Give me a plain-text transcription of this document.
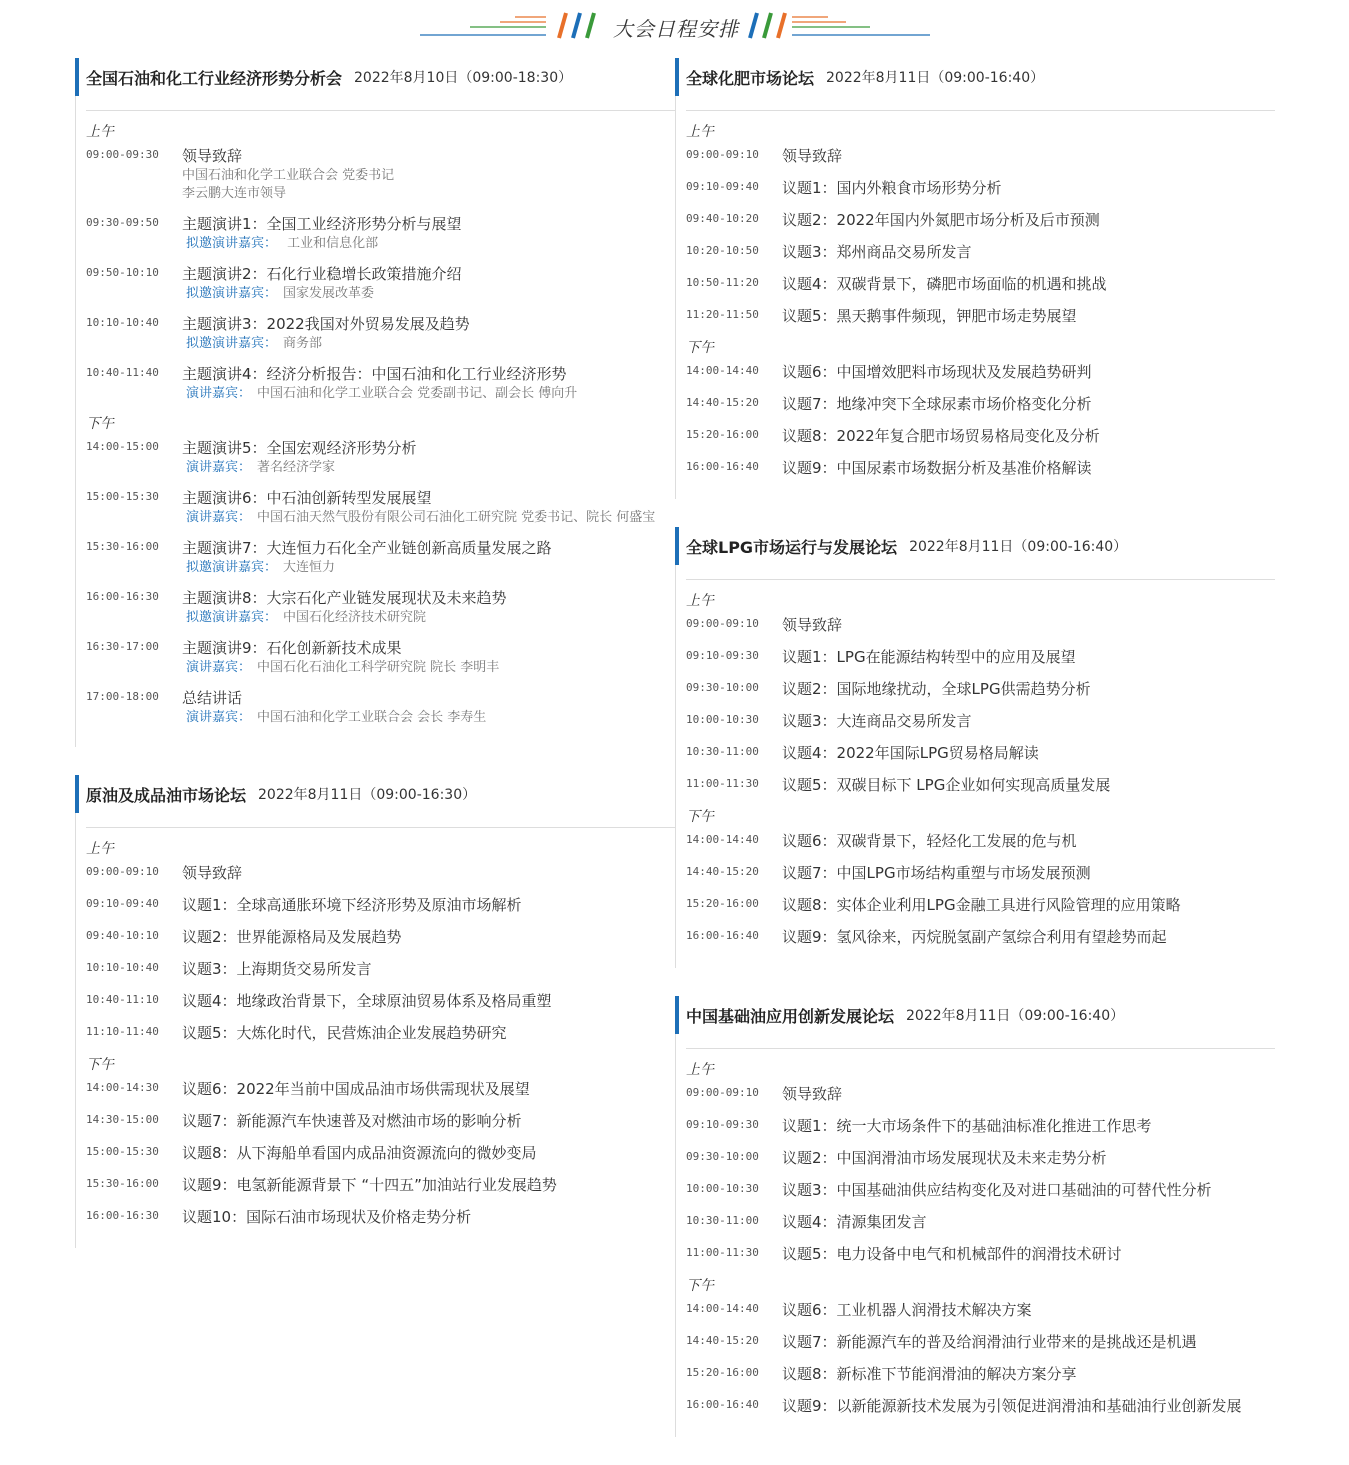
大会日程安排
全国石油和化工行业经济形势分析会 2022年8月10日（09:00-18:30）
上午
09:00-09:30	领导致辞
中国石油和化学工业联合会 党委书记
李云鹏大连市领导
09:30-09:50	主题演讲1：全国工业经济形势分析与展望
拟邀演讲嘉宾： 工业和信息化部
09:50-10:10	主题演讲2：石化行业稳增长政策措施介绍
拟邀演讲嘉宾： 国家发展改革委
10:10-10:40	主题演讲3：2022我国对外贸易发展及趋势
拟邀演讲嘉宾： 商务部
10:40-11:40	主题演讲4：经济分析报告：中国石油和化工行业经济形势
演讲嘉宾： 中国石油和化学工业联合会 党委副书记、副会长 傅向升
下午
14:00-15:00	主题演讲5：全国宏观经济形势分析
演讲嘉宾： 著名经济学家
15:00-15:30	主题演讲6：中石油创新转型发展展望
演讲嘉宾： 中国石油天然气股份有限公司石油化工研究院 党委书记、院长 何盛宝
15:30-16:00	主题演讲7：大连恒力石化全产业链创新高质量发展之路
拟邀演讲嘉宾： 大连恒力
16:00-16:30	主题演讲8：大宗石化产业链发展现状及未来趋势
拟邀演讲嘉宾： 中国石化经济技术研究院
16:30-17:00	主题演讲9：石化创新新技术成果
演讲嘉宾： 中国石化石油化工科学研究院 院长 李明丰
17:00-18:00	总结讲话
演讲嘉宾： 中国石油和化学工业联合会 会长 李寿生
原油及成品油市场论坛 2022年8月11日（09:00-16:30）
上午
09:00-09:10	领导致辞
09:10-09:40	议题1：全球高通胀环境下经济形势及原油市场解析
09:40-10:10	议题2：世界能源格局及发展趋势
10:10-10:40	议题3：上海期货交易所发言
10:40-11:10	议题4：地缘政治背景下，全球原油贸易体系及格局重塑
11:10-11:40	议题5：大炼化时代，民营炼油企业发展趋势研究
下午
14:00-14:30	议题6：2022年当前中国成品油市场供需现状及展望
14:30-15:00	议题7：新能源汽车快速普及对燃油市场的影响分析
15:00-15:30	议题8：从下海船单看国内成品油资源流向的微妙变局
15:30-16:00	议题9：电氢新能源背景下 “十四五”加油站行业发展趋势
16:00-16:30	议题10：国际石油市场现状及价格走势分析
全球化肥市场论坛 2022年8月11日（09:00-16:40）
上午
09:00-09:10	领导致辞
09:10-09:40	议题1：国内外粮食市场形势分析
09:40-10:20	议题2：2022年国内外氮肥市场分析及后市预测
10:20-10:50	议题3：郑州商品交易所发言
10:50-11:20	议题4：双碳背景下，磷肥市场面临的机遇和挑战
11:20-11:50	议题5：黑天鹅事件频现，钾肥市场走势展望
下午
14:00-14:40	议题6：中国增效肥料市场现状及发展趋势研判
14:40-15:20	议题7：地缘冲突下全球尿素市场价格变化分析
15:20-16:00	议题8：2022年复合肥市场贸易格局变化及分析
16:00-16:40	议题9：中国尿素市场数据分析及基准价格解读
全球LPG市场运行与发展论坛 2022年8月11日（09:00-16:40）
上午
09:00-09:10	领导致辞
09:10-09:30	议题1：LPG在能源结构转型中的应用及展望
09:30-10:00	议题2：国际地缘扰动，全球LPG供需趋势分析
10:00-10:30	议题3：大连商品交易所发言
10:30-11:00	议题4：2022年国际LPG贸易格局解读
11:00-11:30	议题5：双碳目标下 LPG企业如何实现高质量发展
下午
14:00-14:40	议题6：双碳背景下，轻烃化工发展的危与机
14:40-15:20	议题7：中国LPG市场结构重塑与市场发展预测
15:20-16:00	议题8：实体企业利用LPG金融工具进行风险管理的应用策略
16:00-16:40	议题9：氢风徐来，丙烷脱氢副产氢综合利用有望趁势而起
中国基础油应用创新发展论坛 2022年8月11日（09:00-16:40）
上午
09:00-09:10	领导致辞
09:10-09:30	议题1：统一大市场条件下的基础油标准化推进工作思考
09:30-10:00	议题2：中国润滑油市场发展现状及未来走势分析
10:00-10:30	议题3：中国基础油供应结构变化及对进口基础油的可替代性分析
10:30-11:00	议题4：清源集团发言
11:00-11:30	议题5：电力设备中电气和机械部件的润滑技术研讨
下午
14:00-14:40	议题6：工业机器人润滑技术解决方案
14:40-15:20	议题7：新能源汽车的普及给润滑油行业带来的是挑战还是机遇
15:20-16:00	议题8：新标准下节能润滑油的解决方案分享
16:00-16:40	议题9：以新能源新技术发展为引领促进润滑油和基础油行业创新发展
